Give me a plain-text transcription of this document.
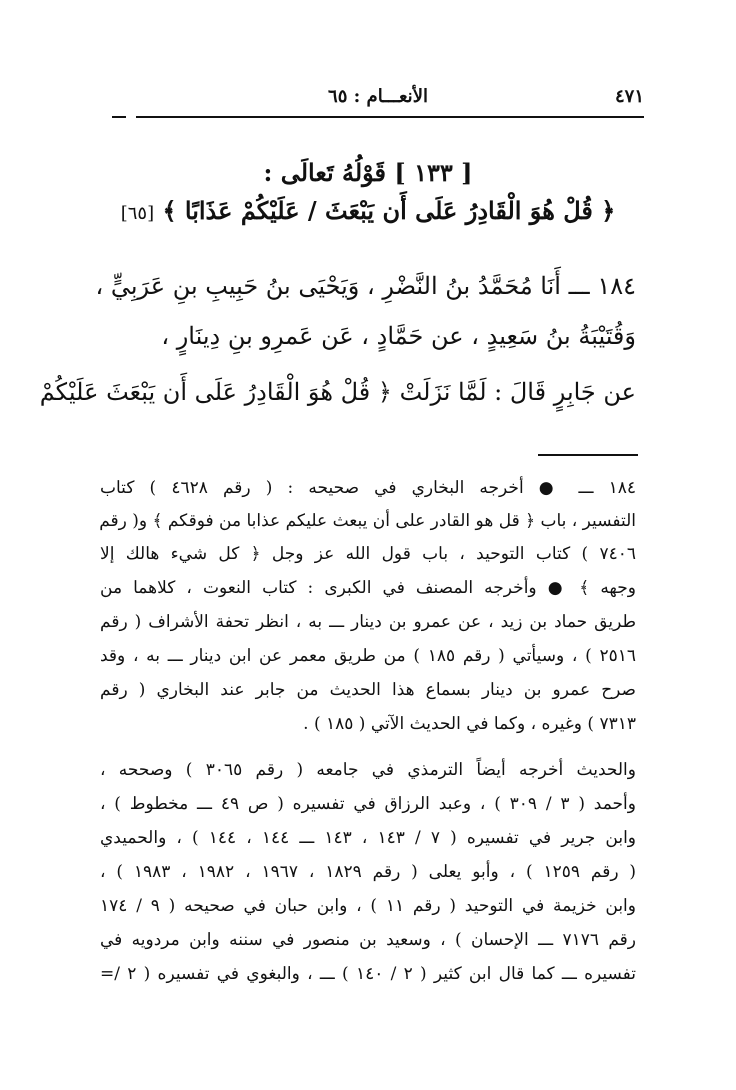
٤٧١
الأنعـــام : ٦٥
[ ١٣٣ ] قَوْلُهُ تَعالَى :
﴿ قُلْ هُوَ الْقَادِرُ عَلَى أَن يَبْعَثَ / عَلَيْكُمْ عَذَابًا ﴾ [٦٥]
١٨٤ ـــ أَنَا مُحَمَّدُ بنُ النَّضْرِ ، وَيَحْيَى بنُ حَبِيبِ بنِ عَرَبِيٍّ ،
وَقُتَيْبَةُ بنُ سَعِيدٍ ، عن حَمَّادٍ ، عَن عَمرِو بنِ دِينَارٍ ،
عن جَابِرٍ قَالَ : لَمَّا نَزَلَتْ ﴿ قُلْ هُوَ الْقَادِرُ عَلَى أَن يَبْعَثَ عَلَيْكُمْ
١٨٤ ـــ ● أخرجه البخاري في صحيحه : ( رقم ٤٦٢٨ ) كتاب
التفسير ، باب ﴿ قل هو القادر على أن يبعث عليكم عذابا من فوقكم ﴾ و( رقم
٧٤٠٦ ) كتاب التوحيد ، باب قول الله عز وجل ﴿ كل شيء هالك إلا
وجهه ﴾ ● وأخرجه المصنف في الكبرى : كتاب النعوت ، كلاهما من
طريق حماد بن زيد ، عن عمرو بن دينار ـــ به ، انظر تحفة الأشراف ( رقم
٢٥١٦ ) ، وسيأتي ( رقم ١٨٥ ) من طريق معمر عن ابن دينار ـــ به ، وقد
صرح عمرو بن دينار بسماع هذا الحديث من جابر عند البخاري ( رقم
٧٣١٣ ) وغيره ، وكما في الحديث الآتي ( ١٨٥ ) .
والحديث أخرجه أيضاً الترمذي في جامعه ( رقم ٣٠٦٥ ) وصححه ،
وأحمد ( ٣ / ٣٠٩ ) ، وعبد الرزاق في تفسيره ( ص ٤٩ ـــ مخطوط ) ،
وابن جرير في تفسيره ( ٧ / ١٤٣ ، ١٤٣ ـــ ١٤٤ ، ١٤٤ ) ، والحميدي
( رقم ١٢٥٩ ) ، وأبو يعلى ( رقم ١٨٢٩ ، ١٩٦٧ ، ١٩٨٢ ، ١٩٨٣ ) ،
وابن خزيمة في التوحيد ( رقم ١١ ) ، وابن حبان في صحيحه ( ٩ / ١٧٤
رقم ٧١٧٦ ـــ الإحسان ) ، وسعيد بن منصور في سننه وابن مردويه في
تفسيره ـــ كما قال ابن كثير ( ٢ / ١٤٠ ) ـــ ، والبغوي في تفسيره ( ٢ /=
